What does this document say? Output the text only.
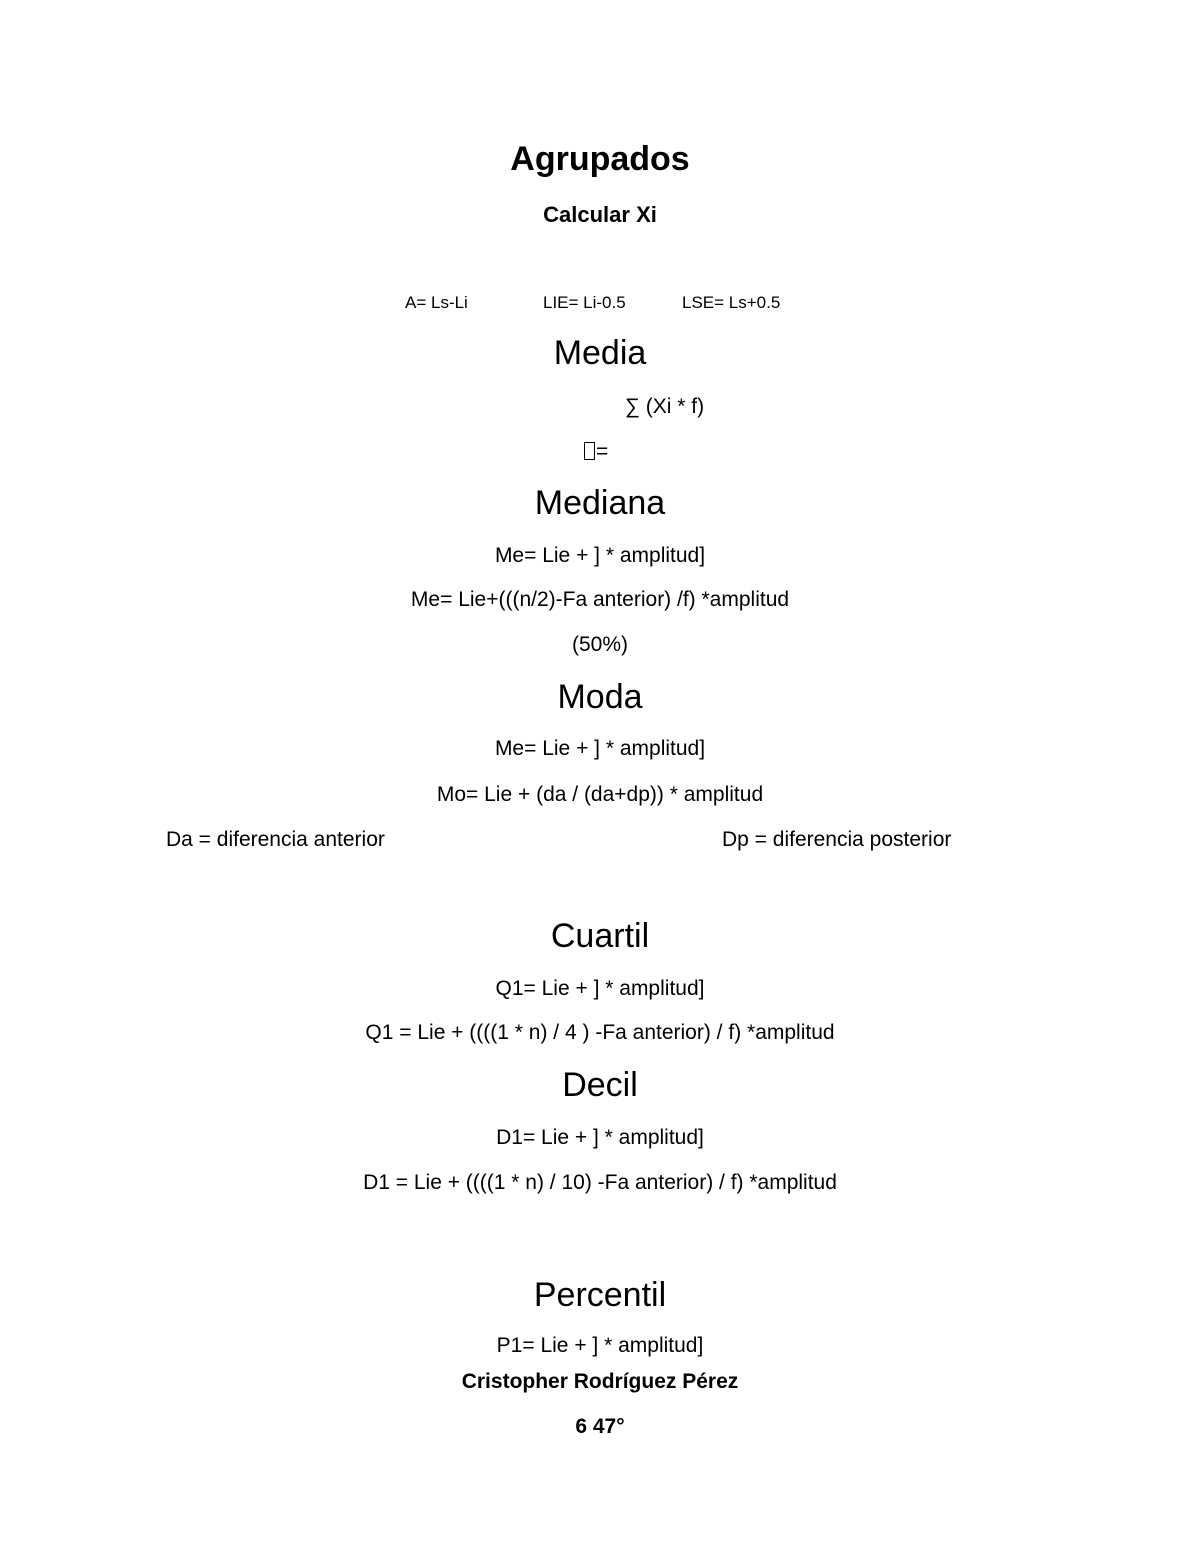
Agrupados
Calcular Xi
A= Ls-Li	LIE= Li-0.5	LSE= Ls+0.5
Media
∑ (Xi * f)
=
Mediana
Me= Lie + ] * amplitud]
Me= Lie+(((n/2)-Fa anterior) /f) *amplitud
(50%)
Moda
Me= Lie + ] * amplitud]
Mo= Lie + (da / (da+dp)) * amplitud
Da = diferencia anterior	Dp = diferencia posterior
Cuartil
Q1= Lie + ] * amplitud]
Q1 = Lie + ((((1 * n) / 4 ) -Fa anterior) / f) *amplitud
Decil
D1= Lie + ] * amplitud]
D1 = Lie + ((((1 * n) / 10) -Fa anterior) / f) *amplitud
Percentil
P1= Lie + ] * amplitud]
Cristopher Rodríguez Pérez
6 47°
